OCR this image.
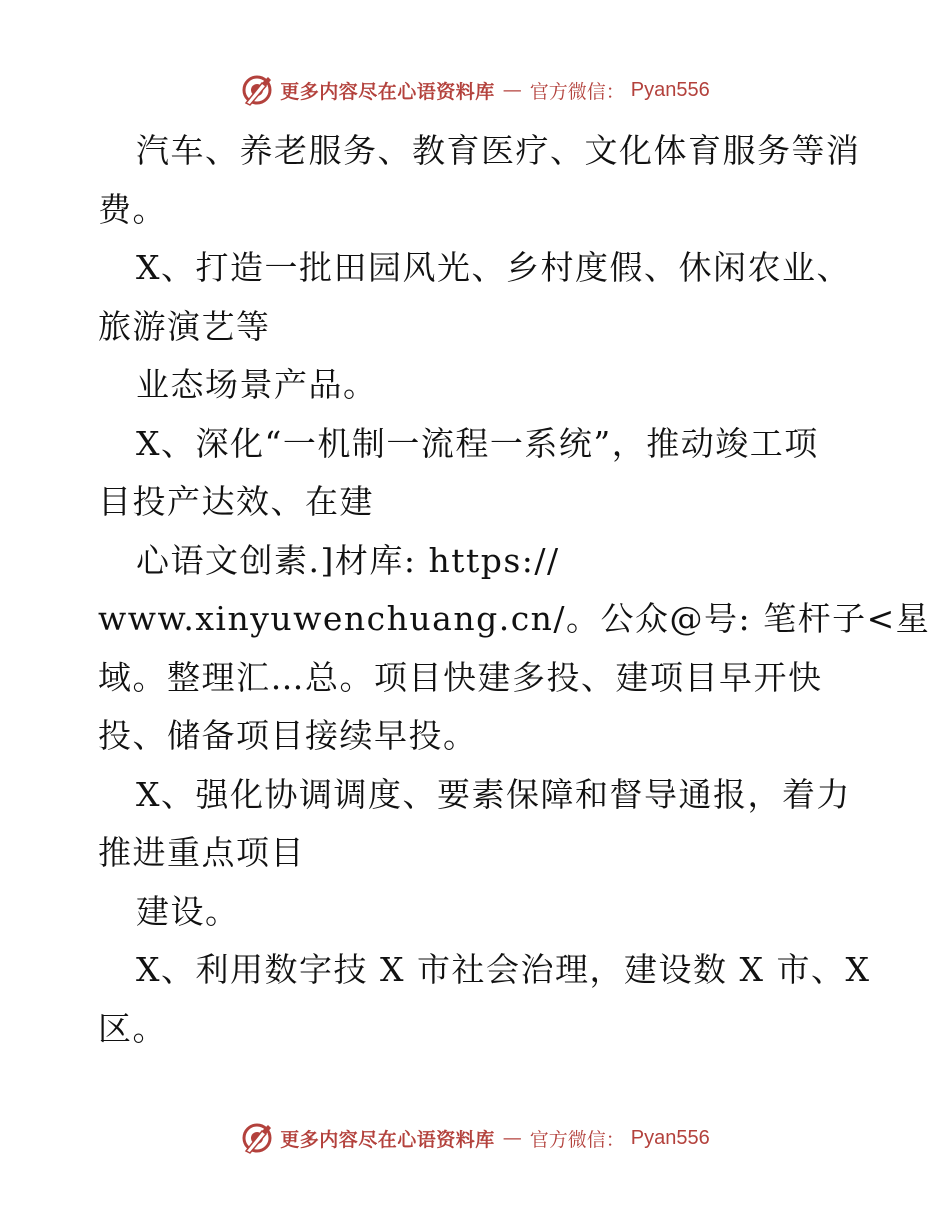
更多内容尽在心语资料库 — 官方微信： Pyan556
汽车、养老服务、教育医疗、文化体育服务等消
费。
X、打造一批田园风光、乡村度假、休闲农业、
旅游演艺等
业态场景产品。
X、深化“一机制一流程一系统”，推动竣工项
目投产达效、在建
心语文创素.]材库: https://
www.xinyuwenchuang.cn/。公众@号: 笔杆子<星
域。整理汇…总。项目快建多投、建项目早开快
投、储备项目接续早投。
X、强化协调调度、要素保障和督导通报，着力
推进重点项目
建设。
X、利用数字技 X 市社会治理，建设数 X 市、X
区。
更多内容尽在心语资料库 — 官方微信： Pyan556
